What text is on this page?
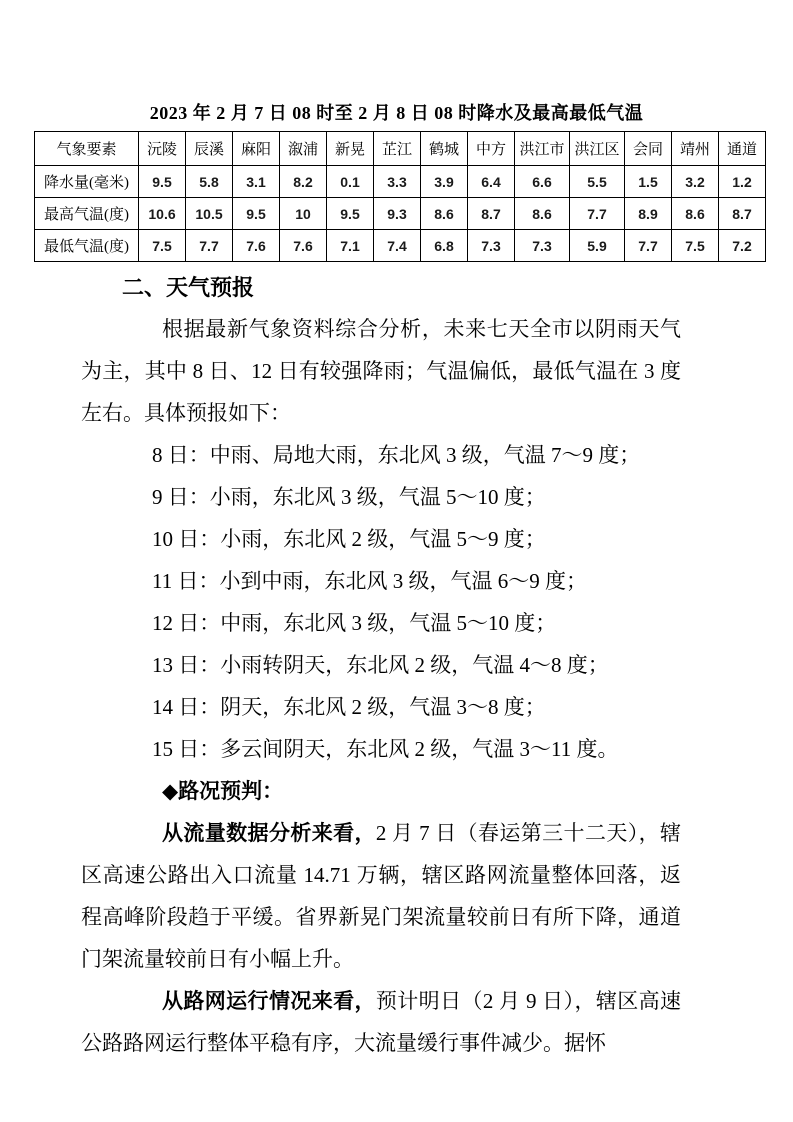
2023 年 2 月 7 日 08 时至 2 月 8 日 08 时降水及最高最低气温
气象要素	沅陵	辰溪	麻阳	溆浦	新晃	芷江	鹤城	中方	洪江市	洪江区	会同	靖州	通道
降水量(毫米)	9.5	5.8	3.1	8.2	0.1	3.3	3.9	6.4	6.6	5.5	1.5	3.2	1.2
最高气温(度)	10.6	10.5	9.5	10	9.5	9.3	8.6	8.7	8.6	7.7	8.9	8.6	8.7
最低气温(度)	7.5	7.7	7.6	7.6	7.1	7.4	6.8	7.3	7.3	5.9	7.7	7.5	7.2
二、天气预报

根据最新气象资料综合分析，未来七天全市以阴雨天气为主，其中 8 日、12 日有较强降雨；气温偏低，最低气温在 3 度左右。具体预报如下：

8 日：中雨、局地大雨，东北风 3 级，气温 7～9 度；

9 日：小雨，东北风 3 级，气温 5～10 度；

10 日：小雨，东北风 2 级，气温 5～9 度；

11 日：小到中雨，东北风 3 级，气温 6～9 度；

12 日：中雨，东北风 3 级，气温 5～10 度；

13 日：小雨转阴天，东北风 2 级，气温 4～8 度；

14 日：阴天，东北风 2 级，气温 3～8 度；

15 日：多云间阴天，东北风 2 级，气温 3～11 度。

◆路况预判：

从流量数据分析来看，2 月 7 日（春运第三十二天），辖区高速公路出入口流量 14.71 万辆，辖区路网流量整体回落，返程高峰阶段趋于平缓。省界新晃门架流量较前日有所下降，通道门架流量较前日有小幅上升。

从路网运行情况来看，预计明日（2 月 9 日），辖区高速公路路网运行整体平稳有序，大流量缓行事件减少。据怀
